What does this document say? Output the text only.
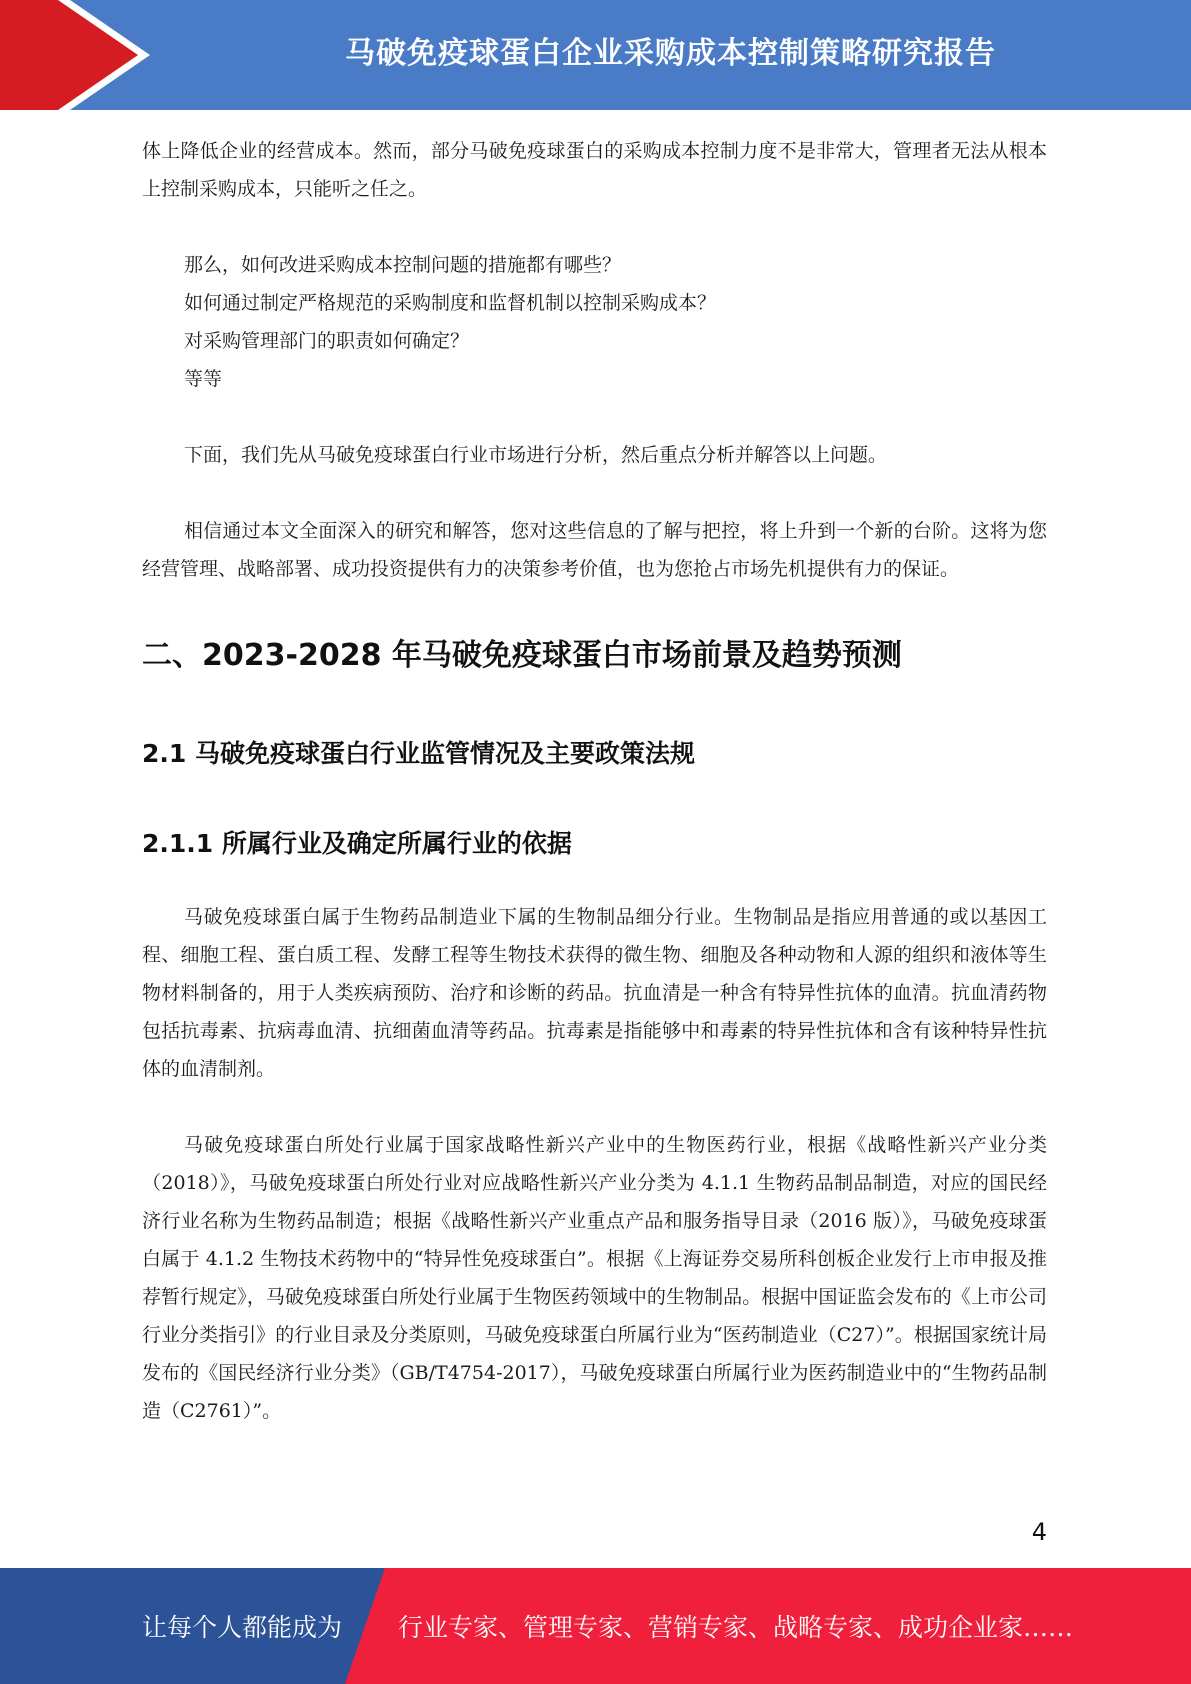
马破免疫球蛋白企业采购成本控制策略研究报告

体上降低企业的经营成本。然而，部分马破免疫球蛋白的采购成本控制力度不是非常大，管理者无法从根本上控制采购成本，只能听之任之。

那么，如何改进采购成本控制问题的措施都有哪些？

如何通过制定严格规范的采购制度和监督机制以控制采购成本？

对采购管理部门的职责如何确定？

等等

下面，我们先从马破免疫球蛋白行业市场进行分析，然后重点分析并解答以上问题。

相信通过本文全面深入的研究和解答，您对这些信息的了解与把控，将上升到一个新的台阶。这将为您经营管理、战略部署、成功投资提供有力的决策参考价值，也为您抢占市场先机提供有力的保证。

二、2023-2028 年马破免疫球蛋白市场前景及趋势预测
2.1 马破免疫球蛋白行业监管情况及主要政策法规
2.1.1 所属行业及确定所属行业的依据

马破免疫球蛋白属于生物药品制造业下属的生物制品细分行业。生物制品是指应用普通的或以基因工程、细胞工程、蛋白质工程、发酵工程等生物技术获得的微生物、细胞及各种动物和人源的组织和液体等生物材料制备的，用于人类疾病预防、治疗和诊断的药品。抗血清是一种含有特异性抗体的血清。抗血清药物包括抗毒素、抗病毒血清、抗细菌血清等药品。抗毒素是指能够中和毒素的特异性抗体和含有该种特异性抗体的血清制剂。

马破免疫球蛋白所处行业属于国家战略性新兴产业中的生物医药行业，根据《战略性新兴产业分类（2018）》，马破免疫球蛋白所处行业对应战略性新兴产业分类为 4.1.1 生物药品制品制造，对应的国民经济行业名称为生物药品制造；根据《战略性新兴产业重点产品和服务指导目录（2016 版）》，马破免疫球蛋白属于 4.1.2 生物技术药物中的“特异性免疫球蛋白”。根据《上海证券交易所科创板企业发行上市申报及推荐暂行规定》，马破免疫球蛋白所处行业属于生物医药领域中的生物制品。根据中国证监会发布的《上市公司行业分类指引》的行业目录及分类原则，马破免疫球蛋白所属行业为“医药制造业（C27）”。根据国家统计局发布的《国民经济行业分类》（GB/T4754-2017），马破免疫球蛋白所属行业为医药制造业中的“生物药品制造（C2761）”。

4
让每个人都能成为 行业专家、管理专家、营销专家、战略专家、成功企业家……
